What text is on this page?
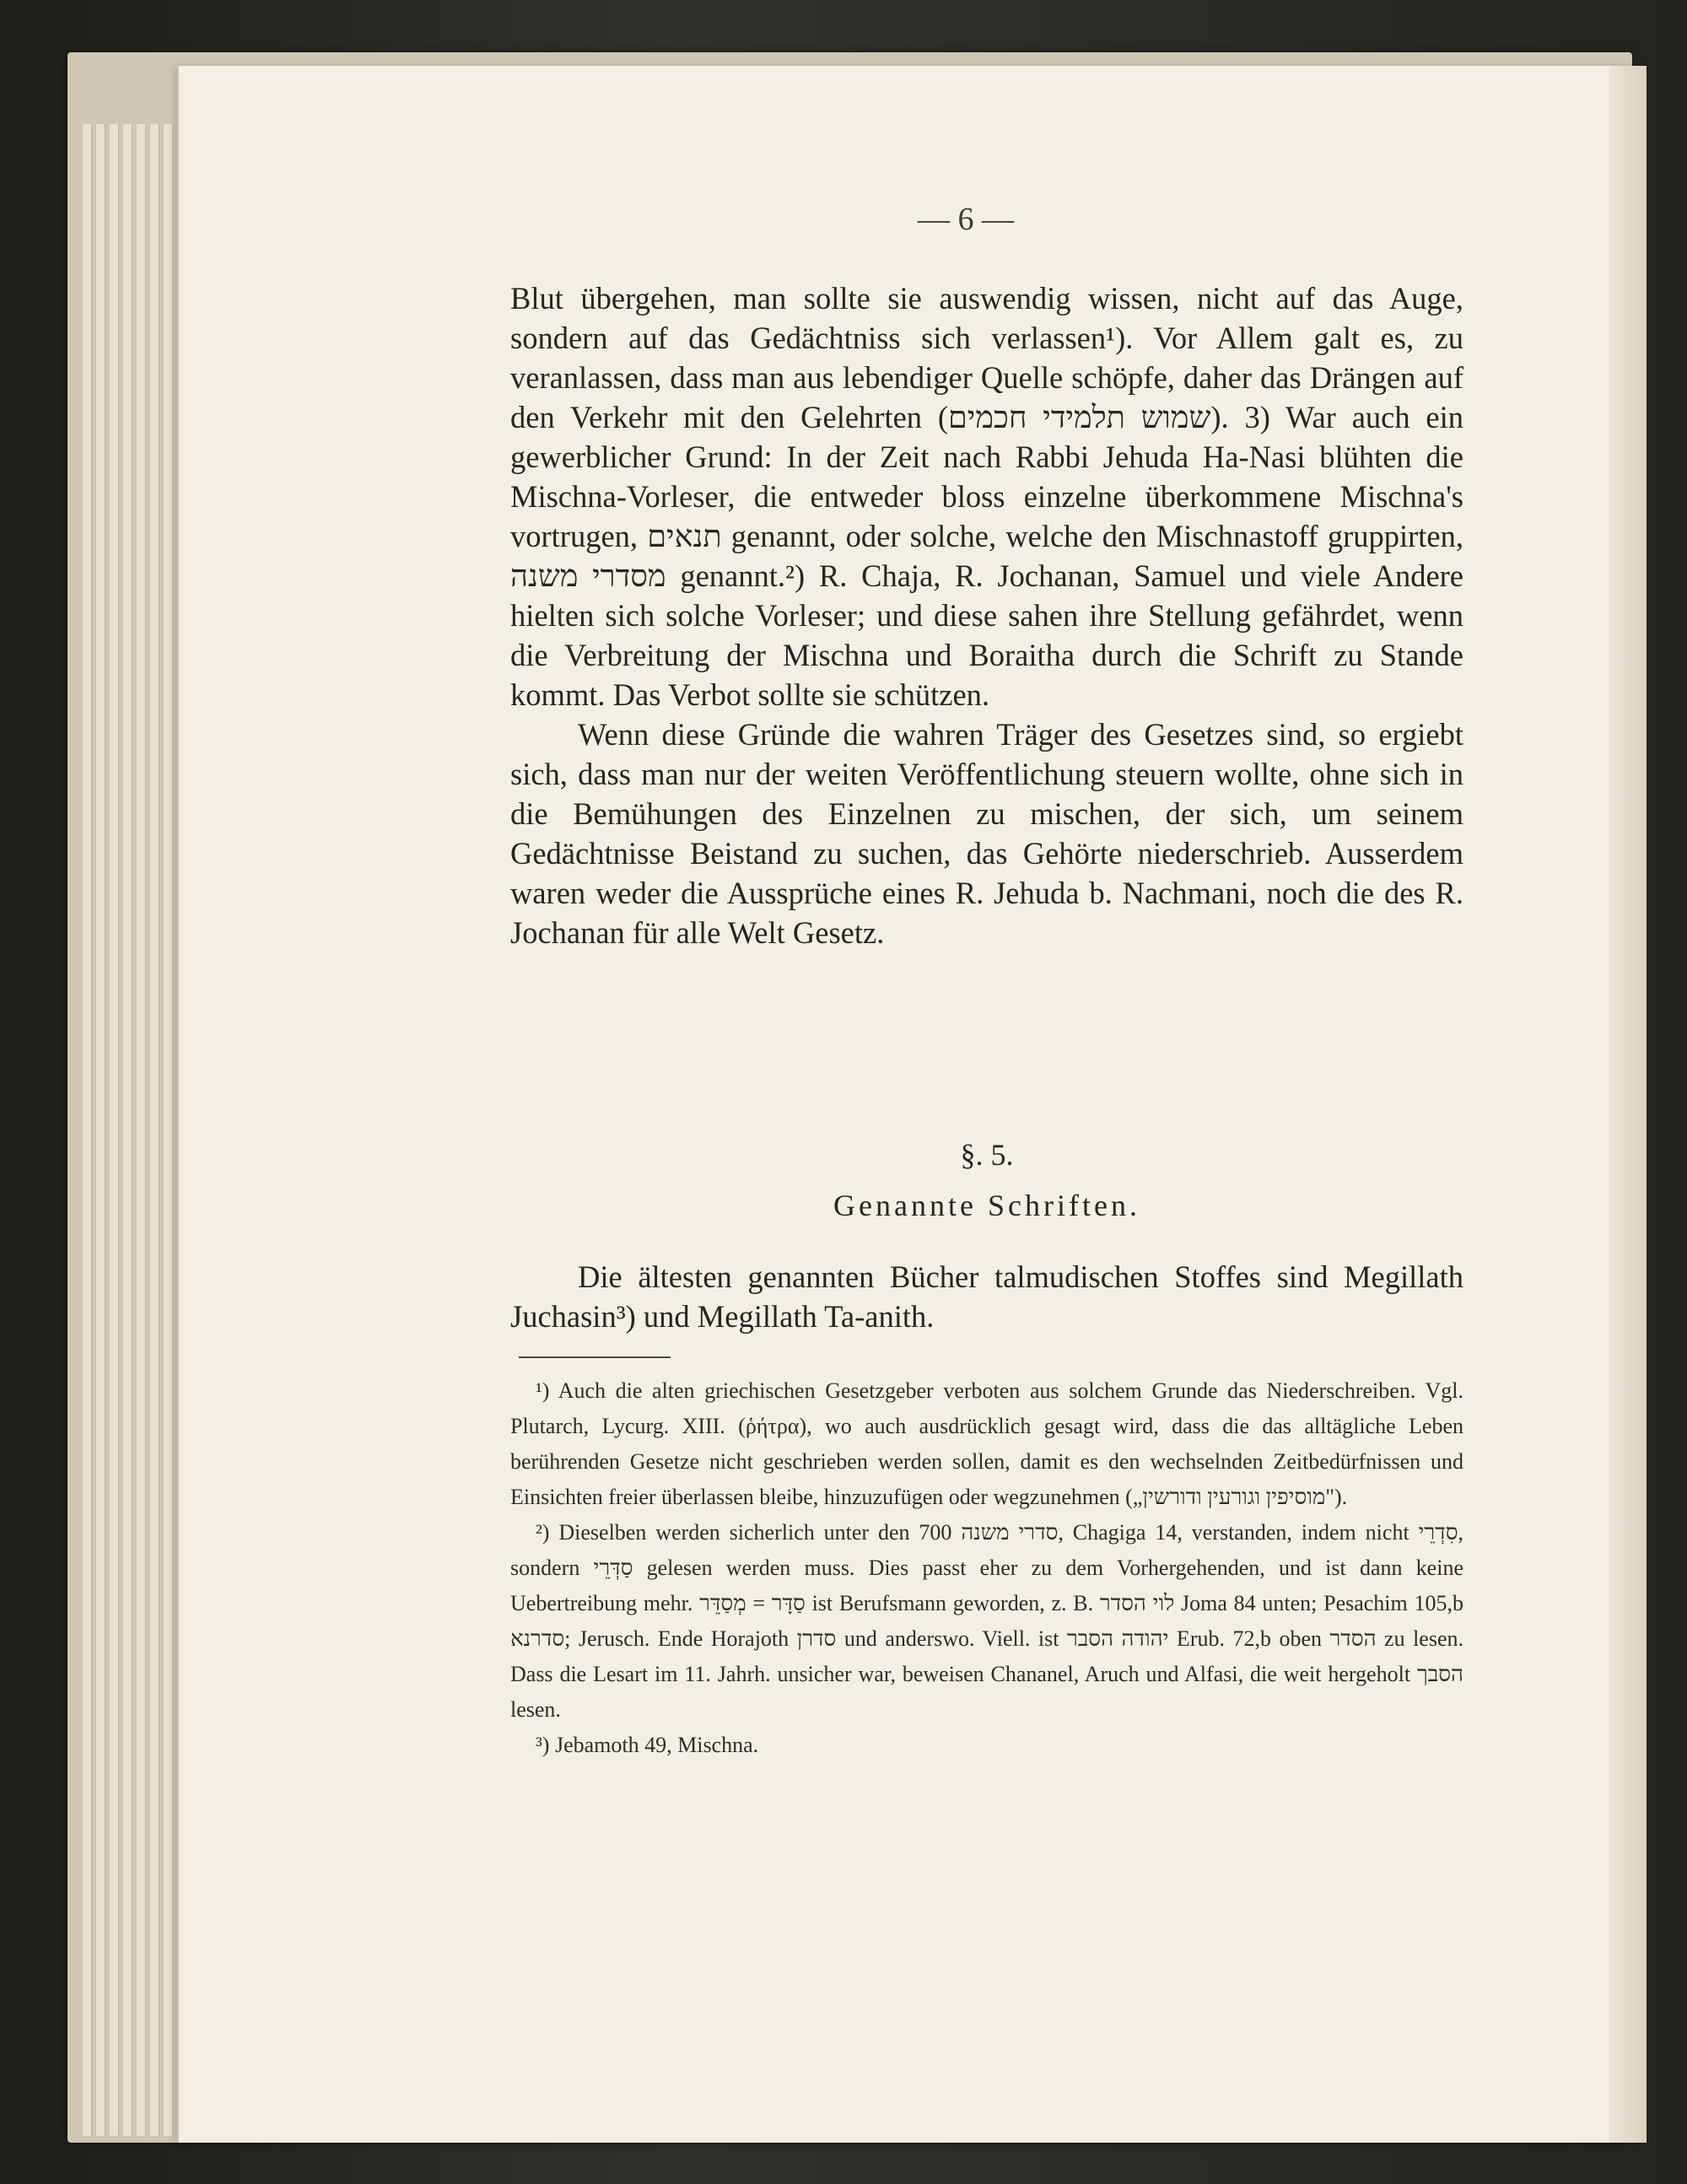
— 6 —

Blut übergehen, man sollte sie auswendig wissen, nicht auf das Auge, sondern auf das Gedächtniss sich verlassen¹). Vor Allem galt es, zu veranlassen, dass man aus lebendiger Quelle schöpfe, daher das Drängen auf den Verkehr mit den Gelehrten (שמוש תלמידי חכמים). 3) War auch ein gewerblicher Grund: In der Zeit nach Rabbi Jehuda Ha-Nasi blühten die Mischna-Vorleser, die entweder bloss einzelne überkommene Mischna's vortrugen, תנאים genannt, oder solche, welche den Mischnastoff gruppirten, מסדרי משנה genannt.²) R. Chaja, R. Jochanan, Samuel und viele Andere hielten sich solche Vorleser; und diese sahen ihre Stellung gefährdet, wenn die Verbreitung der Mischna und Boraitha durch die Schrift zu Stande kommt. Das Verbot sollte sie schützen.

Wenn diese Gründe die wahren Träger des Gesetzes sind, so ergiebt sich, dass man nur der weiten Veröffentlichung steuern wollte, ohne sich in die Bemühungen des Einzelnen zu mischen, der sich, um seinem Gedächtnisse Beistand zu suchen, das Gehörte niederschrieb. Ausserdem waren weder die Aussprüche eines R. Jehuda b. Nachmani, noch die des R. Jochanan für alle Welt Gesetz.

§. 5.
Genannte Schriften.

Die ältesten genannten Bücher talmudischen Stoffes sind Megillath Juchasin³) und Megillath Ta-anith.

¹) Auch die alten griechischen Gesetzgeber verboten aus solchem Grunde das Niederschreiben. Vgl. Plutarch, Lycurg. XIII. (ῥήτρα), wo auch ausdrücklich gesagt wird, dass die das alltägliche Leben berührenden Gesetze nicht geschrieben werden sollen, damit es den wechselnden Zeitbedürfnissen und Einsichten freier überlassen bleibe, hinzuzufügen oder wegzunehmen („מוסיפין וגורעין ודורשין").

²) Dieselben werden sicherlich unter den 700 סדרי משנה, Chagiga 14, verstanden, indem nicht סִדְרֵי, sondern סַדְּרֵי gelesen werden muss. Dies passt eher zu dem Vorhergehenden, und ist dann keine Uebertreibung mehr. סַדָּר = מְסַדֵּר ist Berufsmann geworden, z. B. לוי הסדר Joma 84 unten; Pesachim 105,b סדרנא; Jerusch. Ende Horajoth סדרן und anderswo. Viell. ist יהודה הסבר Erub. 72,b oben הסדר zu lesen. Dass die Lesart im 11. Jahrh. unsicher war, beweisen Chananel, Aruch und Alfasi, die weit hergeholt הסבך lesen.

³) Jebamoth 49, Mischna.
